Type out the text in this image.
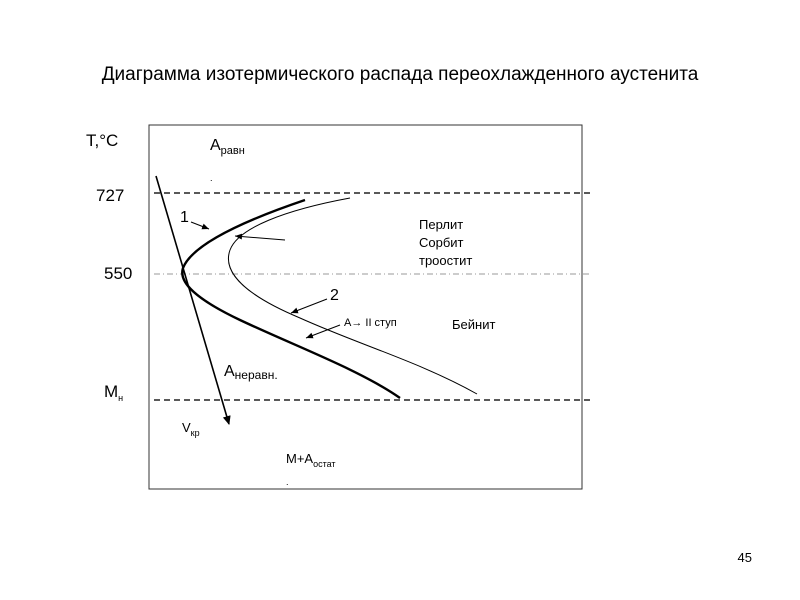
Диаграмма изотермического распада переохлажденного аустенита
T,°C
727
550
$M_н$
$А_{равн}$
.
1
2
А→ II ступ
$А_{неравн.}$
$V_{кр}$
$М+А_{остат}$
.
Перлит
Сорбит
троостит
Бейнит
45
